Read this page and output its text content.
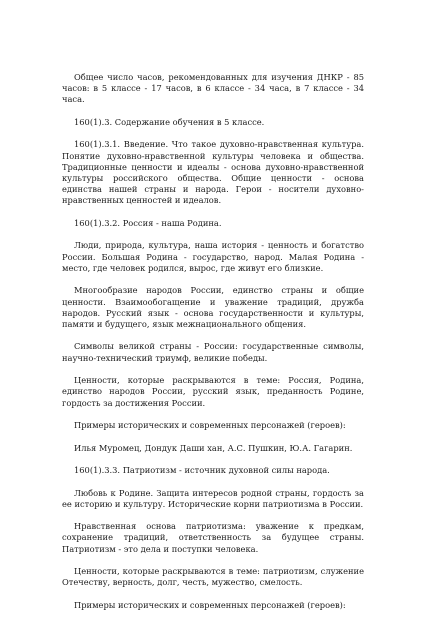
Общее число часов, рекомендованных для изучения ДНКР - 85 часов: в 5 классе - 17 часов, в 6 классе - 34 часа, в 7 классе - 34 часа.

160(1).3. Содержание обучения в 5 классе.

160(1).3.1. Введение. Что такое духовно-нравственная культура. Понятие духовно-нравственной культуры человека и общества. Традиционные ценности и идеалы - основа духовно-нравственной культуры российского общества. Общие ценности - основа единства нашей страны и народа. Герои - носители духовно-нравственных ценностей и идеалов.

160(1).3.2. Россия - наша Родина.

Люди, природа, культура, наша история - ценность и богатство России. Большая Родина - государство, народ. Малая Родина - место, где человек родился, вырос, где живут его близкие.

Многообразие народов России, единство страны и общие ценности. Взаимообогащение и уважение традиций, дружба народов. Русский язык - основа государственности и культуры, памяти и будущего, язык межнационального общения.

Символы великой страны - России: государственные символы, научно-технический триумф, великие победы.

Ценности, которые раскрываются в теме: Россия, Родина, единство народов России, русский язык, преданность Родине, гордость за достижения России.

Примеры исторических и современных персонажей (героев):

Илья Муромец, Дондук Даши хан, А.С. Пушкин, Ю.А. Гагарин.

160(1).3.3. Патриотизм - источник духовной силы народа.

Любовь к Родине. Защита интересов родной страны, гордость за ее историю и культуру. Исторические корни патриотизма в России.

Нравственная основа патриотизма: уважение к предкам, сохранение традиций, ответственность за будущее страны. Патриотизм - это дела и поступки человека.

Ценности, которые раскрываются в теме: патриотизм, служение Отечеству, верность, долг, честь, мужество, смелость.

Примеры исторических и современных персонажей (героев):
